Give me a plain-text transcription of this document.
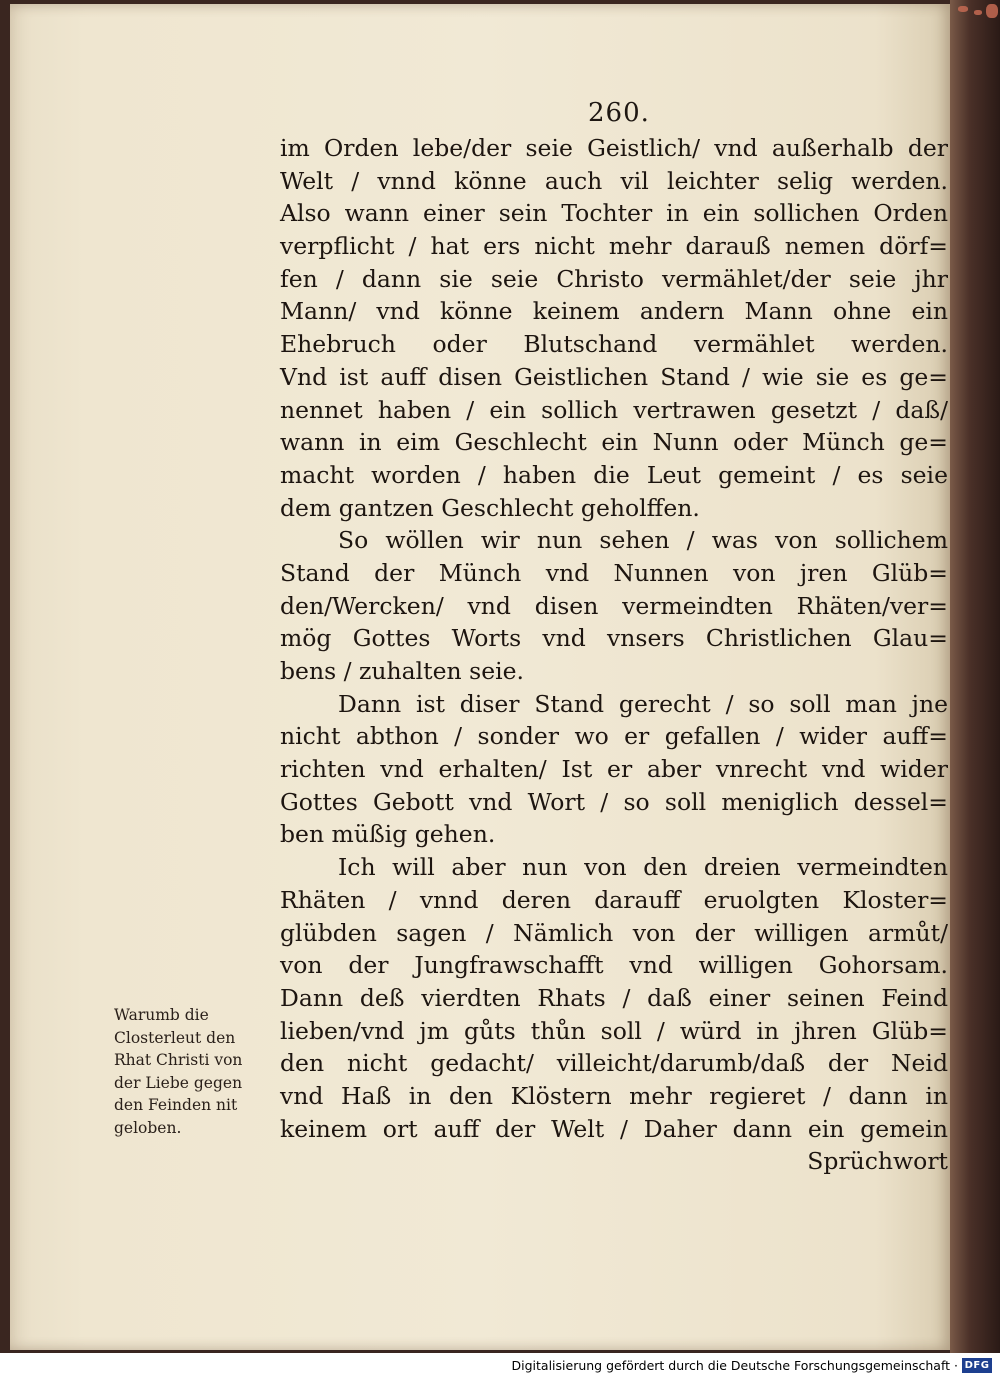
260.
im Orden lebe/der seie Geistlich/ vnd außerhalb der
Welt / vnnd könne auch vil leichter selig werden.
Also wann einer sein Tochter in ein sollichen Orden
verpflicht / hat ers nicht mehr darauß nemen dörf=
fen / dann sie seie Christo vermählet/der seie jhr
Mann/ vnd könne keinem andern Mann ohne ein
Ehebruch oder Blutschand vermählet werden.
Vnd ist auff disen Geistlichen Stand / wie sie es ge=
nennet haben / ein sollich vertrawen gesetzt / daß/
wann in eim Geschlecht ein Nunn oder Münch ge=
macht worden / haben die Leut gemeint / es seie
dem gantzen Geschlecht geholffen.
So wöllen wir nun sehen / was von sollichem
Stand der Münch vnd Nunnen von jren Glüb=
den/Wercken/ vnd disen vermeindten Rhäten/ver=
mög Gottes Worts vnd vnsers Christlichen Glau=
bens / zuhalten seie.
Dann ist diser Stand gerecht / so soll man jne
nicht abthon / sonder wo er gefallen / wider auff=
richten vnd erhalten/ Ist er aber vnrecht vnd wider
Gottes Gebott vnd Wort / so soll meniglich dessel=
ben müßig gehen.
Ich will aber nun von den dreien vermeindten
Rhäten / vnnd deren darauff eruolgten Kloster=
glübden sagen / Nämlich von der willigen armůt/
von der Jungfrawschafft vnd willigen Gohorsam.
Dann deß vierdten Rhats / daß einer seinen Feind
lieben/vnd jm gůts thůn soll / würd in jhren Glüb=
den nicht gedacht/ villeicht/darumb/daß der Neid
vnd Haß in den Klöstern mehr regieret / dann in
keinem ort auff der Welt / Daher dann ein gemein
Sprüchwort
Warumb die
Closterleut den
Rhat Christi von
der Liebe gegen
den Feinden nit
geloben.
Digitalisierung gefördert durch die Deutsche Forschungsgemeinschaft · DFG
